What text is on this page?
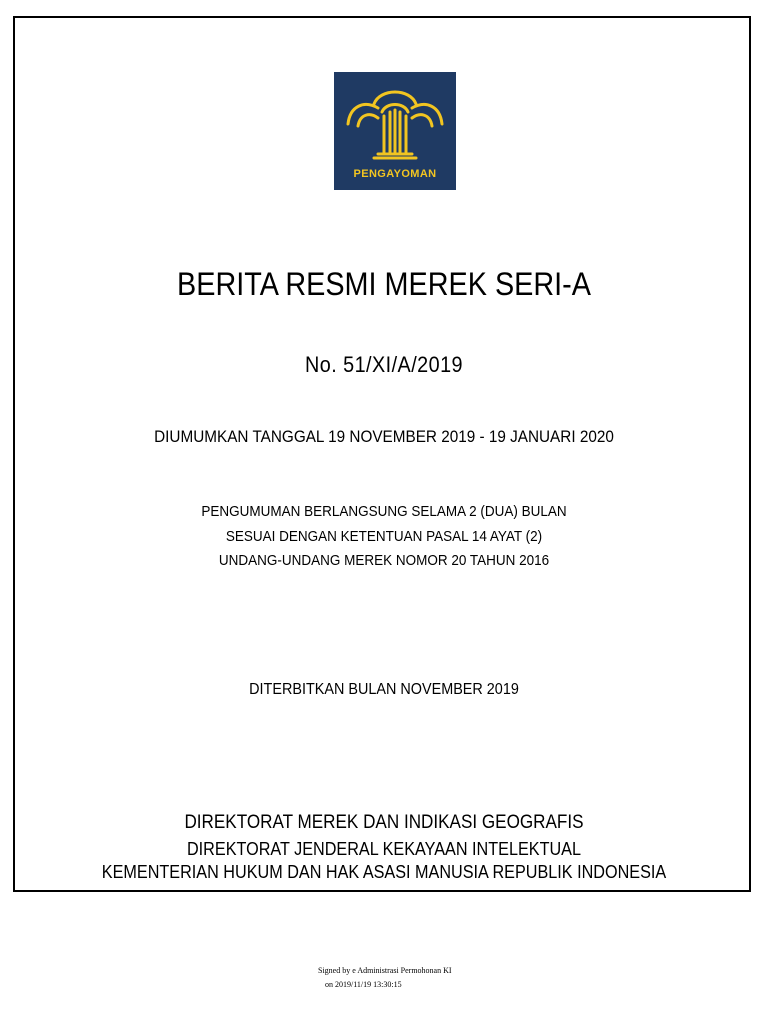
PENGAYOMAN
BERITA RESMI MEREK SERI-A
No. 51/XI/A/2019
DIUMUMKAN TANGGAL 19 NOVEMBER 2019 - 19 JANUARI 2020
PENGUMUMAN BERLANGSUNG SELAMA 2 (DUA) BULAN
SESUAI DENGAN KETENTUAN PASAL 14 AYAT (2)
UNDANG-UNDANG MEREK NOMOR 20 TAHUN 2016
DITERBITKAN BULAN NOVEMBER 2019
DIREKTORAT MEREK DAN INDIKASI GEOGRAFIS
DIREKTORAT JENDERAL KEKAYAAN INTELEKTUAL
KEMENTERIAN HUKUM DAN HAK ASASI MANUSIA REPUBLIK INDONESIA
Signed by e Administrasi Permohonan KI
on 2019/11/19 13:30:15
